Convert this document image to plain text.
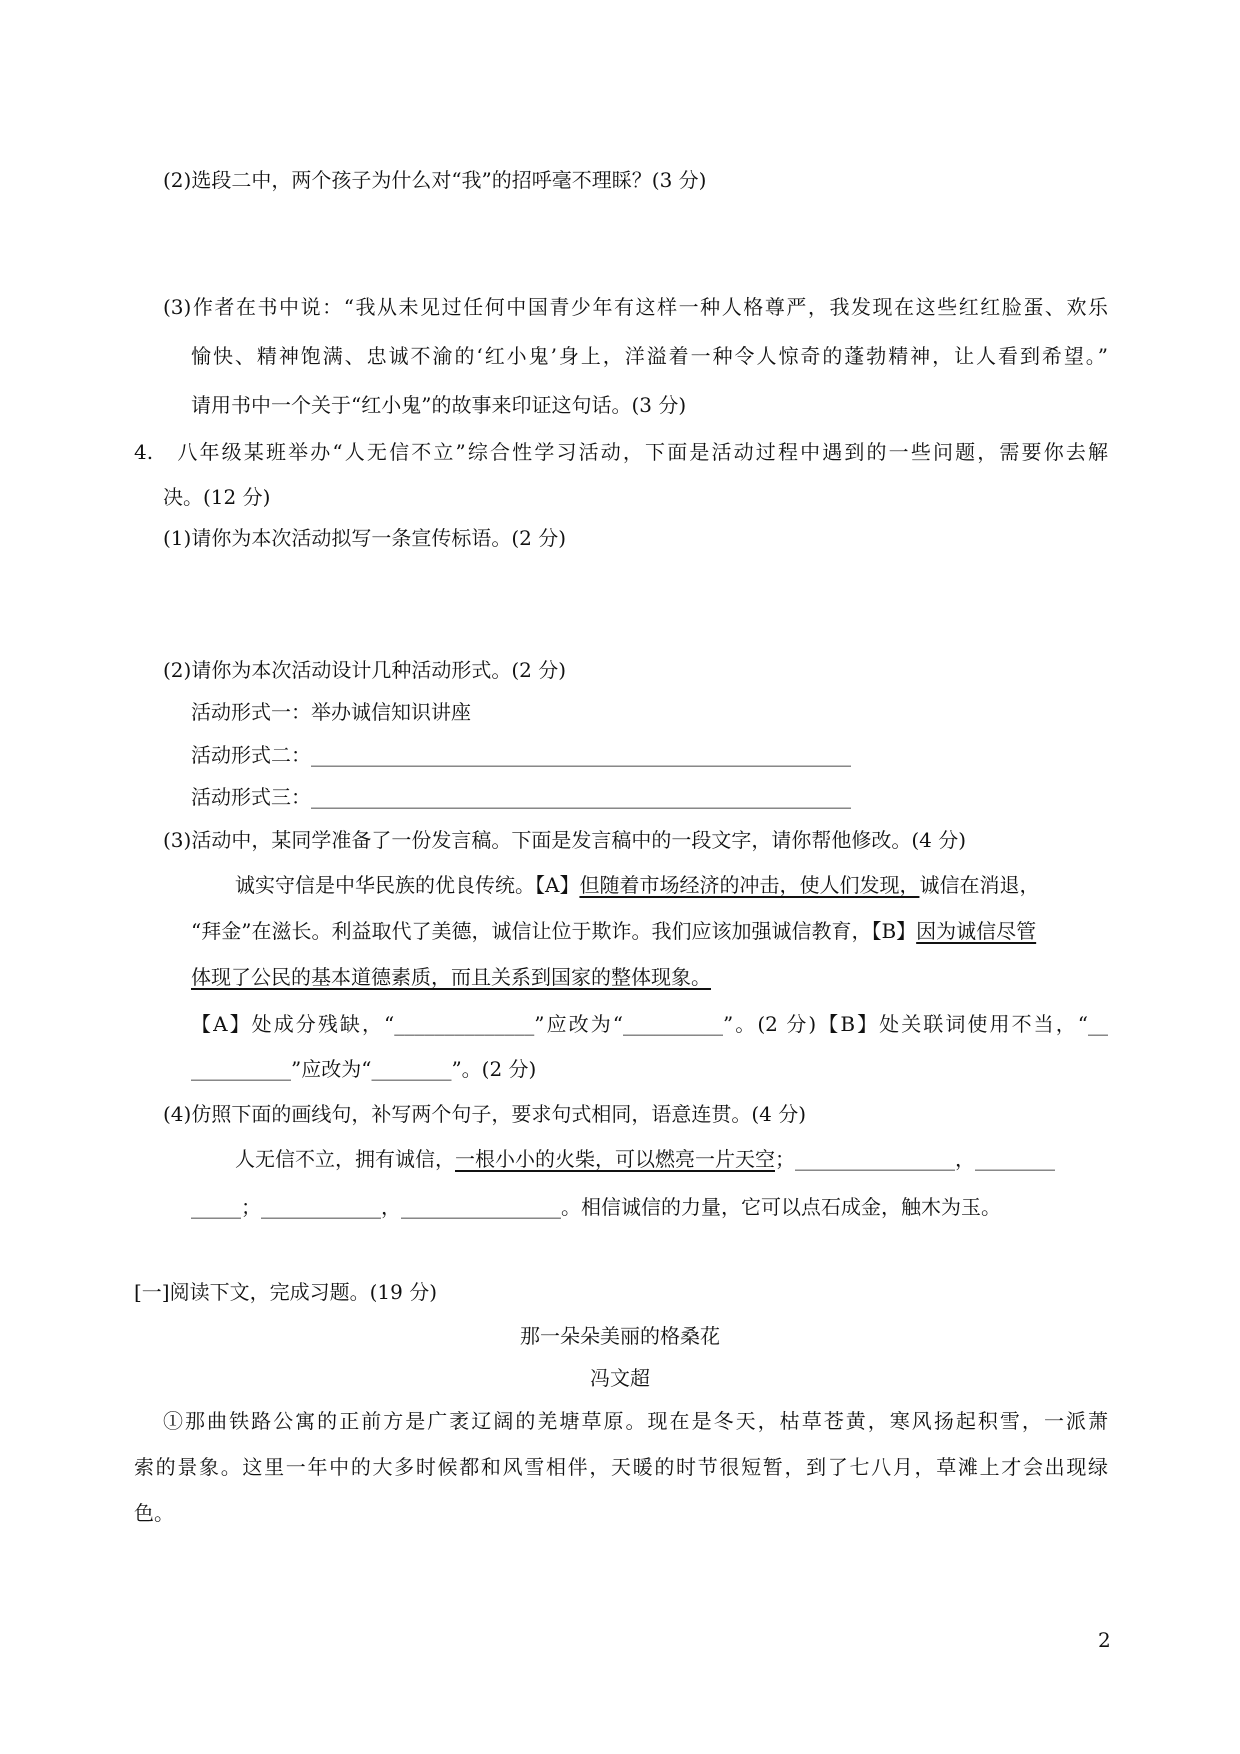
(2)选段二中，两个孩子为什么对“我”的招呼毫不理睬？(3 分)
(3)作者在书中说：“我从未见过任何中国青少年有这样一种人格尊严，我发现在这些红红脸蛋、欢乐
愉快、精神饱满、忠诚不渝的‘红小鬼’身上，洋溢着一种令人惊奇的蓬勃精神，让人看到希望。”
请用书中一个关于“红小鬼”的故事来印证这句话。(3 分)
4.　八年级某班举办“人无信不立”综合性学习活动，下面是活动过程中遇到的一些问题，需要你去解
决。(12 分)
(1)请你为本次活动拟写一条宣传标语。(2 分)
(2)请你为本次活动设计几种活动形式。(2 分)
活动形式一：举办诚信知识讲座
活动形式二：______________________________________________________
活动形式三：______________________________________________________
(3)活动中，某同学准备了一份发言稿。下面是发言稿中的一段文字，请你帮他修改。(4 分)
诚实守信是中华民族的优良传统。【A】但随着市场经济的冲击，使人们发现，诚信在消退，
“拜金”在滋长。利益取代了美德，诚信让位于欺诈。我们应该加强诚信教育，【B】因为诚信尽管
体现了公民的基本道德素质，而且关系到国家的整体现象。
【A】处成分残缺，“______________”应改为“__________”。(2 分)【B】处关联词使用不当，“__
__________”应改为“________”。(2 分)
(4)仿照下面的画线句，补写两个句子，要求句式相同，语意连贯。(4 分)
人无信不立，拥有诚信，一根小小的火柴，可以燃亮一片天空；________________，________
_____；____________，________________。相信诚信的力量，它可以点石成金，触木为玉。
[一]阅读下文，完成习题。(19 分)
那一朵朵美丽的格桑花
冯文超
①那曲铁路公寓的正前方是广袤辽阔的羌塘草原。现在是冬天，枯草苍黄，寒风扬起积雪，一派萧
索的景象。这里一年中的大多时候都和风雪相伴，天暖的时节很短暂，到了七八月，草滩上才会出现绿
色。
2
